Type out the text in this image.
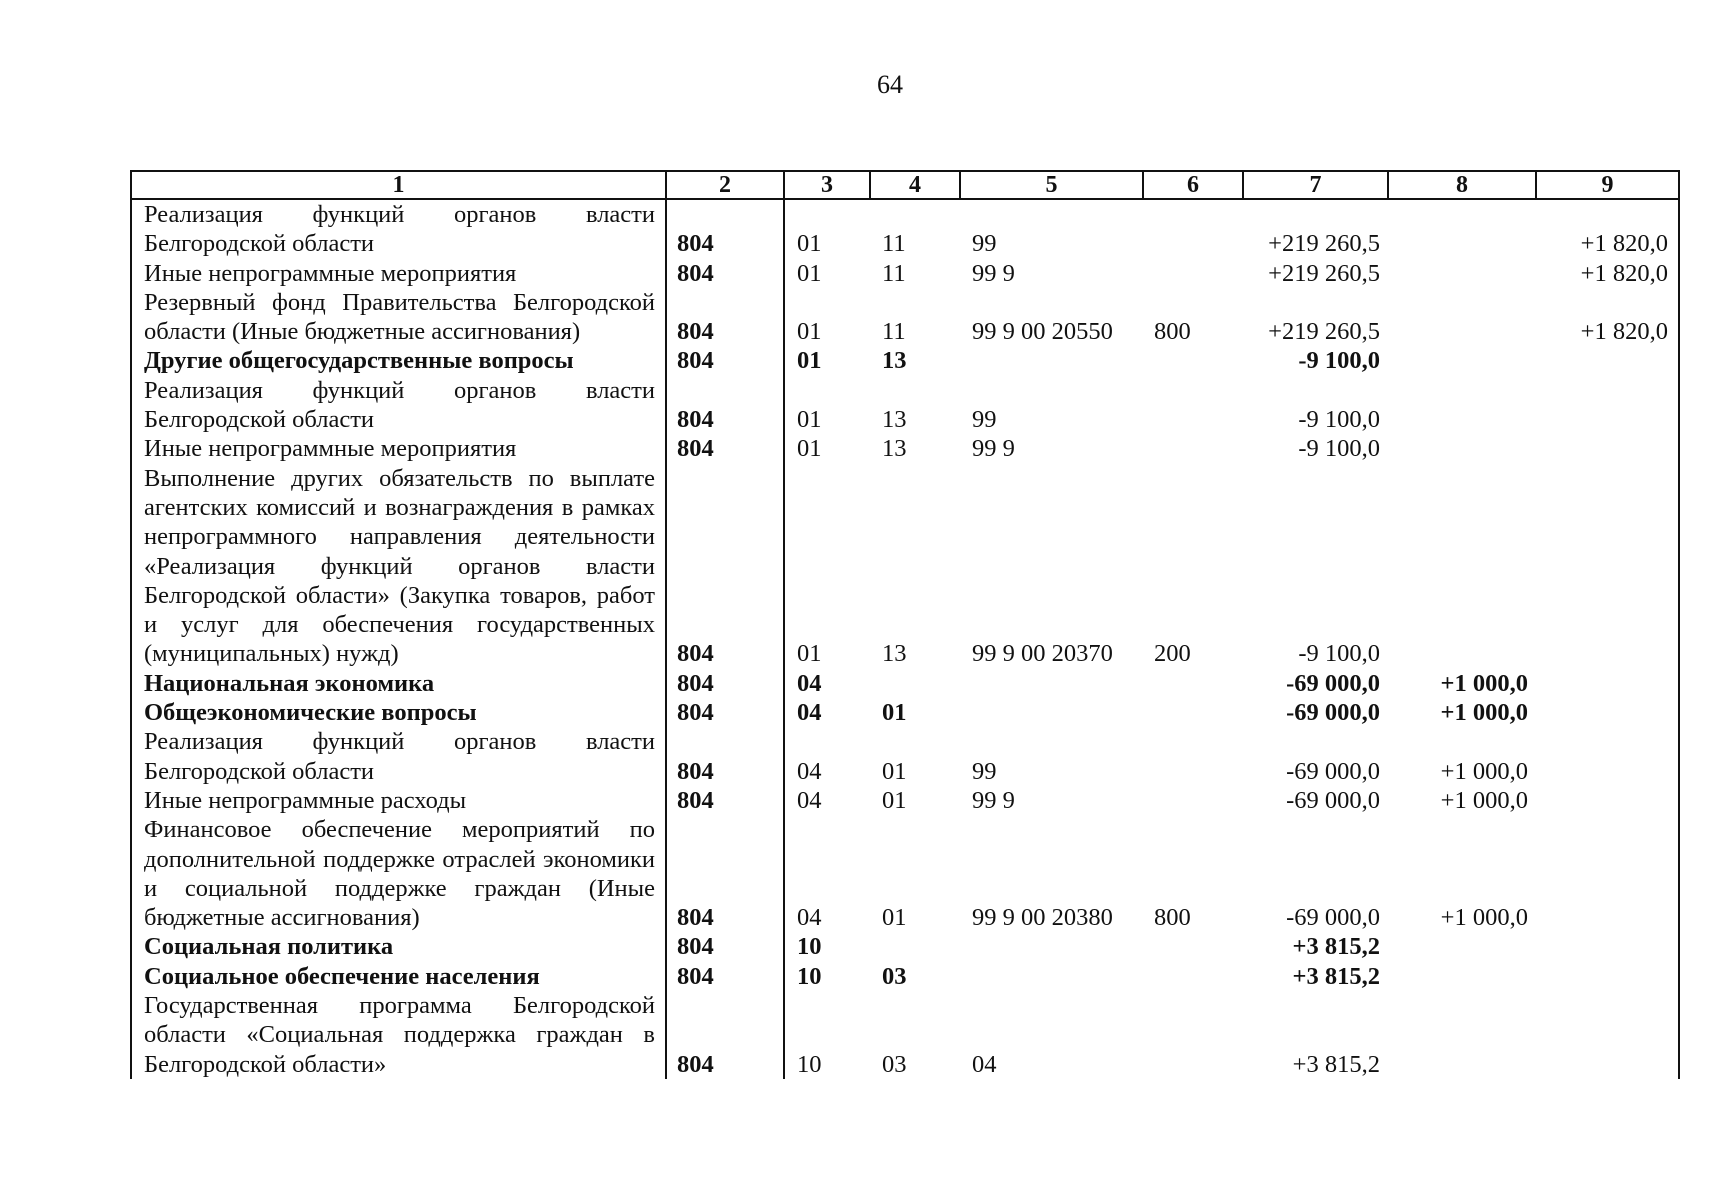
64
1	2	3	4	5	6	7	8	9
Реализация функций органов власти Белгородской области	804	01	11	99		+219 260,5		+1 820,0
Иные непрограммные мероприятия	804	01	11	99 9		+219 260,5		+1 820,0
Резервный фонд Правительства Белгородской области (Иные бюджетные ассигнования)	804	01	11	99 9 00 20550	800	+219 260,5		+1 820,0
Другие общегосударственные вопросы	804	01	13			-9 100,0		
Реализация функций органов власти Белгородской области	804	01	13	99		-9 100,0		
Иные непрограммные мероприятия	804	01	13	99 9		-9 100,0		
Выполнение других обязательств по выплате агентских комиссий и вознаграждения в рамках непрограммного направления деятельности «Реализация функций органов власти Белгородской области» (Закупка товаров, работ и услуг для обеспечения государственных (муниципальных) нужд)	804	01	13	99 9 00 20370	200	-9 100,0		
Национальная экономика	804	04				-69 000,0	+1 000,0	
Общеэкономические вопросы	804	04	01			-69 000,0	+1 000,0	
Реализация функций органов власти Белгородской области	804	04	01	99		-69 000,0	+1 000,0	
Иные непрограммные расходы	804	04	01	99 9		-69 000,0	+1 000,0	
Финансовое обеспечение мероприятий по дополнительной поддержке отраслей экономики и социальной поддержке граждан (Иные бюджетные ассигнования)	804	04	01	99 9 00 20380	800	-69 000,0	+1 000,0	
Социальная политика	804	10				+3 815,2		
Социальное обеспечение населения	804	10	03			+3 815,2		
Государственная программа Белгородской области «Социальная поддержка граждан в Белгородской области»	804	10	03	04		+3 815,2		
